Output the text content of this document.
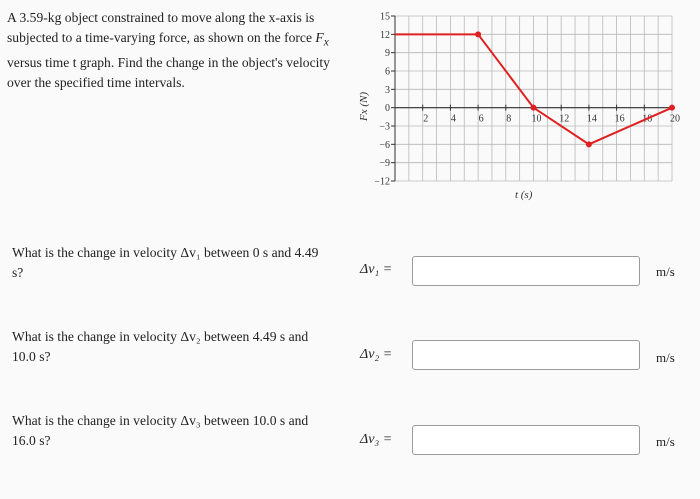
A 3.59-kg object constrained to move along the x-axis is subjected to a time-varying force, as shown on the force $F_x$ versus time t graph. Find the change in the object's velocity over the specified time intervals.
15
12
9
6
3
0
−3
−6
−9
−12
2 4 6 8 10 12 14 16 18 20
Fx (N)
t (s)
What is the change in velocity Δv₁ between 0 s and 4.49 s?	Δv₁ =	m/s
What is the change in velocity Δv₂ between 4.49 s and 10.0 s?	Δv₂ =	m/s
What is the change in velocity Δv₃ between 10.0 s and 16.0 s?	Δv₃ =	m/s
